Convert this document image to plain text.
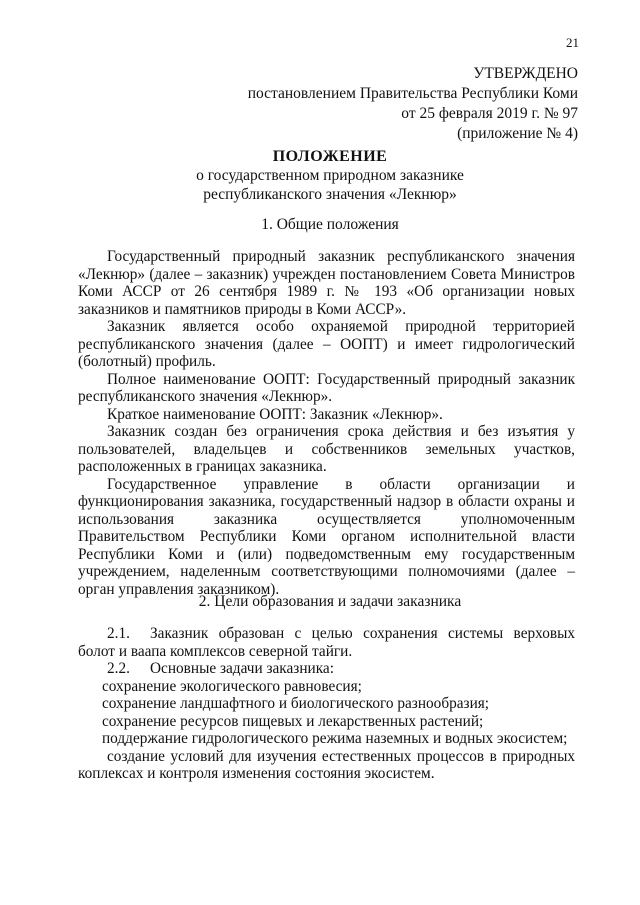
21
УТВЕРЖДЕНО
постановлением Правительства Республики Коми
от 25 февраля 2019 г. № 97
(приложение № 4)
ПОЛОЖЕНИЕ
о государственном природном заказнике
республиканского значения «Лекнюр»
1. Общие положения

Государственный природный заказник республиканского значения «Лекнюр» (далее – заказник) учрежден постановлением Совета Министров Коми АССР от 26 сентября 1989 г. № 193 «Об организации новых заказников и памятников природы в Коми АССР».

Заказник является особо охраняемой природной территорией республиканского значения (далее – ООПТ) и имеет гидрологический (болотный) профиль.

Полное наименование ООПТ: Государственный природный заказник республиканского значения «Лекнюр».

Краткое наименование ООПТ: Заказник «Лекнюр».

Заказник создан без ограничения срока действия и без изъятия у пользователей, владельцев и собственников земельных участков, расположенных в границах заказника.

Государственное управление в области организации и функционирования заказника, государственный надзор в области охраны и использования заказника осуществляется уполномоченным Правительством Республики Коми органом исполнительной власти Республики Коми и (или) подведомственным ему государственным учреждением, наделенным соответствующими полномочиями (далее – орган управления заказником).

2. Цели образования и задачи заказника

2.1. Заказник образован с целью сохранения системы верховых болот и ваапа комплексов северной тайги.

2.2. Основные задачи заказника:

сохранение экологического равновесия;

сохранение ландшафтного и биологического разнообразия;

сохранение ресурсов пищевых и лекарственных растений;

поддержание гидрологического режима наземных и водных экосистем;

создание условий для изучения естественных процессов в природных коплексах и контроля изменения состояния экосистем.
